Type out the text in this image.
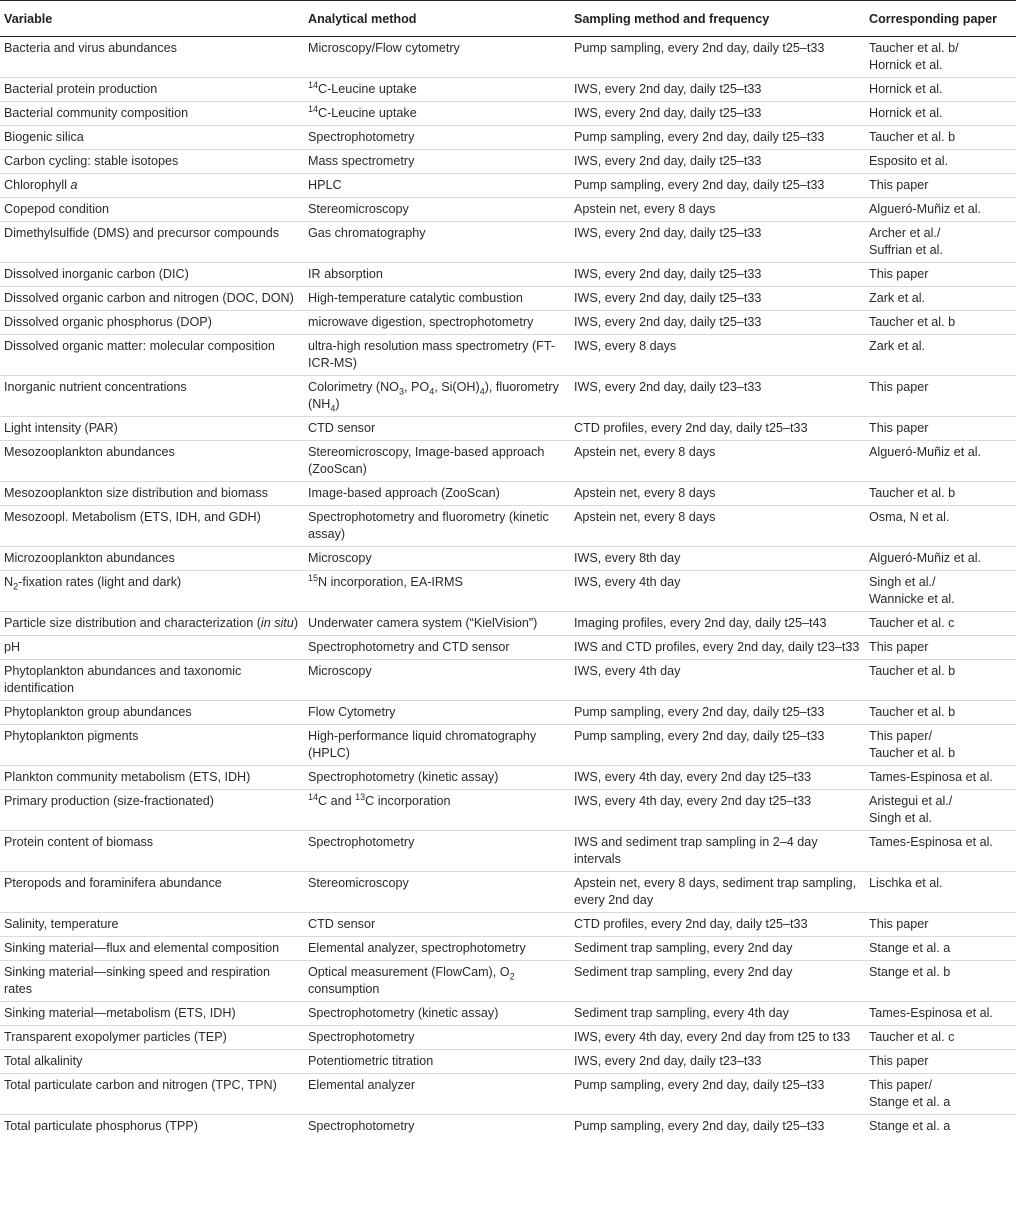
Variable	Analytical method	Sampling method and frequency	Corresponding paper
Bacteria and virus abundances	Microscopy/Flow cytometry	Pump sampling, every 2nd day, daily t25–t33	Taucher et al. b/
Hornick et al.
Bacterial protein production	$^{14}$C-Leucine uptake	IWS, every 2nd day, daily t25–t33	Hornick et al.
Bacterial community composition	$^{14}$C-Leucine uptake	IWS, every 2nd day, daily t25–t33	Hornick et al.
Biogenic silica	Spectrophotometry	Pump sampling, every 2nd day, daily t25–t33	Taucher et al. b
Carbon cycling: stable isotopes	Mass spectrometry	IWS, every 2nd day, daily t25–t33	Esposito et al.
Chlorophyll a	HPLC	Pump sampling, every 2nd day, daily t25–t33	This paper
Copepod condition	Stereomicroscopy	Apstein net, every 8 days	Algueró-Muñiz et al.
Dimethylsulfide (DMS) and precursor compounds	Gas chromatography	IWS, every 2nd day, daily t25–t33	Archer et al./
Suffrian et al.
Dissolved inorganic carbon (DIC)	IR absorption	IWS, every 2nd day, daily t25–t33	This paper
Dissolved organic carbon and nitrogen (DOC, DON)	High-temperature catalytic combustion	IWS, every 2nd day, daily t25–t33	Zark et al.
Dissolved organic phosphorus (DOP)	microwave digestion, spectrophotometry	IWS, every 2nd day, daily t25–t33	Taucher et al. b
Dissolved organic matter: molecular composition	ultra-high resolution mass spectrometry (FT-ICR-MS)	IWS, every 8 days	Zark et al.
Inorganic nutrient concentrations	Colorimetry ($NO_3$, $PO_4$, $Si(OH)_4$), fluorometry $(NH_4)$	IWS, every 2nd day, daily t23–t33	This paper
Light intensity (PAR)	CTD sensor	CTD profiles, every 2nd day, daily t25–t33	This paper
Mesozooplankton abundances	Stereomicroscopy, Image-based approach (ZooScan)	Apstein net, every 8 days	Algueró-Muñiz et al.
Mesozooplankton size distribution and biomass	Image-based approach (ZooScan)	Apstein net, every 8 days	Taucher et al. b
Mesozoopl. Metabolism (ETS, IDH, and GDH)	Spectrophotometry and fluorometry (kinetic assay)	Apstein net, every 8 days	Osma, N et al.
Microzooplankton abundances	Microscopy	IWS, every 8th day	Algueró-Muñiz et al.
$N_2$-fixation rates (light and dark)	$^{15}$N incorporation, EA-IRMS	IWS, every 4th day	Singh et al./
Wannicke et al.
Particle size distribution and characterization (in situ)	Underwater camera system (“KielVision”)	Imaging profiles, every 2nd day, daily t25–t43	Taucher et al. c
pH	Spectrophotometry and CTD sensor	IWS and CTD profiles, every 2nd day, daily t23–t33	This paper
Phytoplankton abundances and taxonomic identification	Microscopy	IWS, every 4th day	Taucher et al. b
Phytoplankton group abundances	Flow Cytometry	Pump sampling, every 2nd day, daily t25–t33	Taucher et al. b
Phytoplankton pigments	High-performance liquid chromatography (HPLC)	Pump sampling, every 2nd day, daily t25–t33	This paper/
Taucher et al. b
Plankton community metabolism (ETS, IDH)	Spectrophotometry (kinetic assay)	IWS, every 4th day, every 2nd day t25–t33	Tames-Espinosa et al.
Primary production (size-fractionated)	$^{14}$C and $^{13}$C incorporation	IWS, every 4th day, every 2nd day t25–t33	Aristegui et al./
Singh et al.
Protein content of biomass	Spectrophotometry	IWS and sediment trap sampling in 2–4 day intervals	Tames-Espinosa et al.
Pteropods and foraminifera abundance	Stereomicroscopy	Apstein net, every 8 days, sediment trap sampling, every 2nd day	Lischka et al.
Salinity, temperature	CTD sensor	CTD profiles, every 2nd day, daily t25–t33	This paper
Sinking material—flux and elemental composition	Elemental analyzer, spectrophotometry	Sediment trap sampling, every 2nd day	Stange et al. a
Sinking material—sinking speed and respiration rates	Optical measurement (FlowCam), $O_2$ consumption	Sediment trap sampling, every 2nd day	Stange et al. b
Sinking material—metabolism (ETS, IDH)	Spectrophotometry (kinetic assay)	Sediment trap sampling, every 4th day	Tames-Espinosa et al.
Transparent exopolymer particles (TEP)	Spectrophotometry	IWS, every 4th day, every 2nd day from t25 to t33	Taucher et al. c
Total alkalinity	Potentiometric titration	IWS, every 2nd day, daily t23–t33	This paper
Total particulate carbon and nitrogen (TPC, TPN)	Elemental analyzer	Pump sampling, every 2nd day, daily t25–t33	This paper/
Stange et al. a
Total particulate phosphorus (TPP)	Spectrophotometry	Pump sampling, every 2nd day, daily t25–t33	Stange et al. a
